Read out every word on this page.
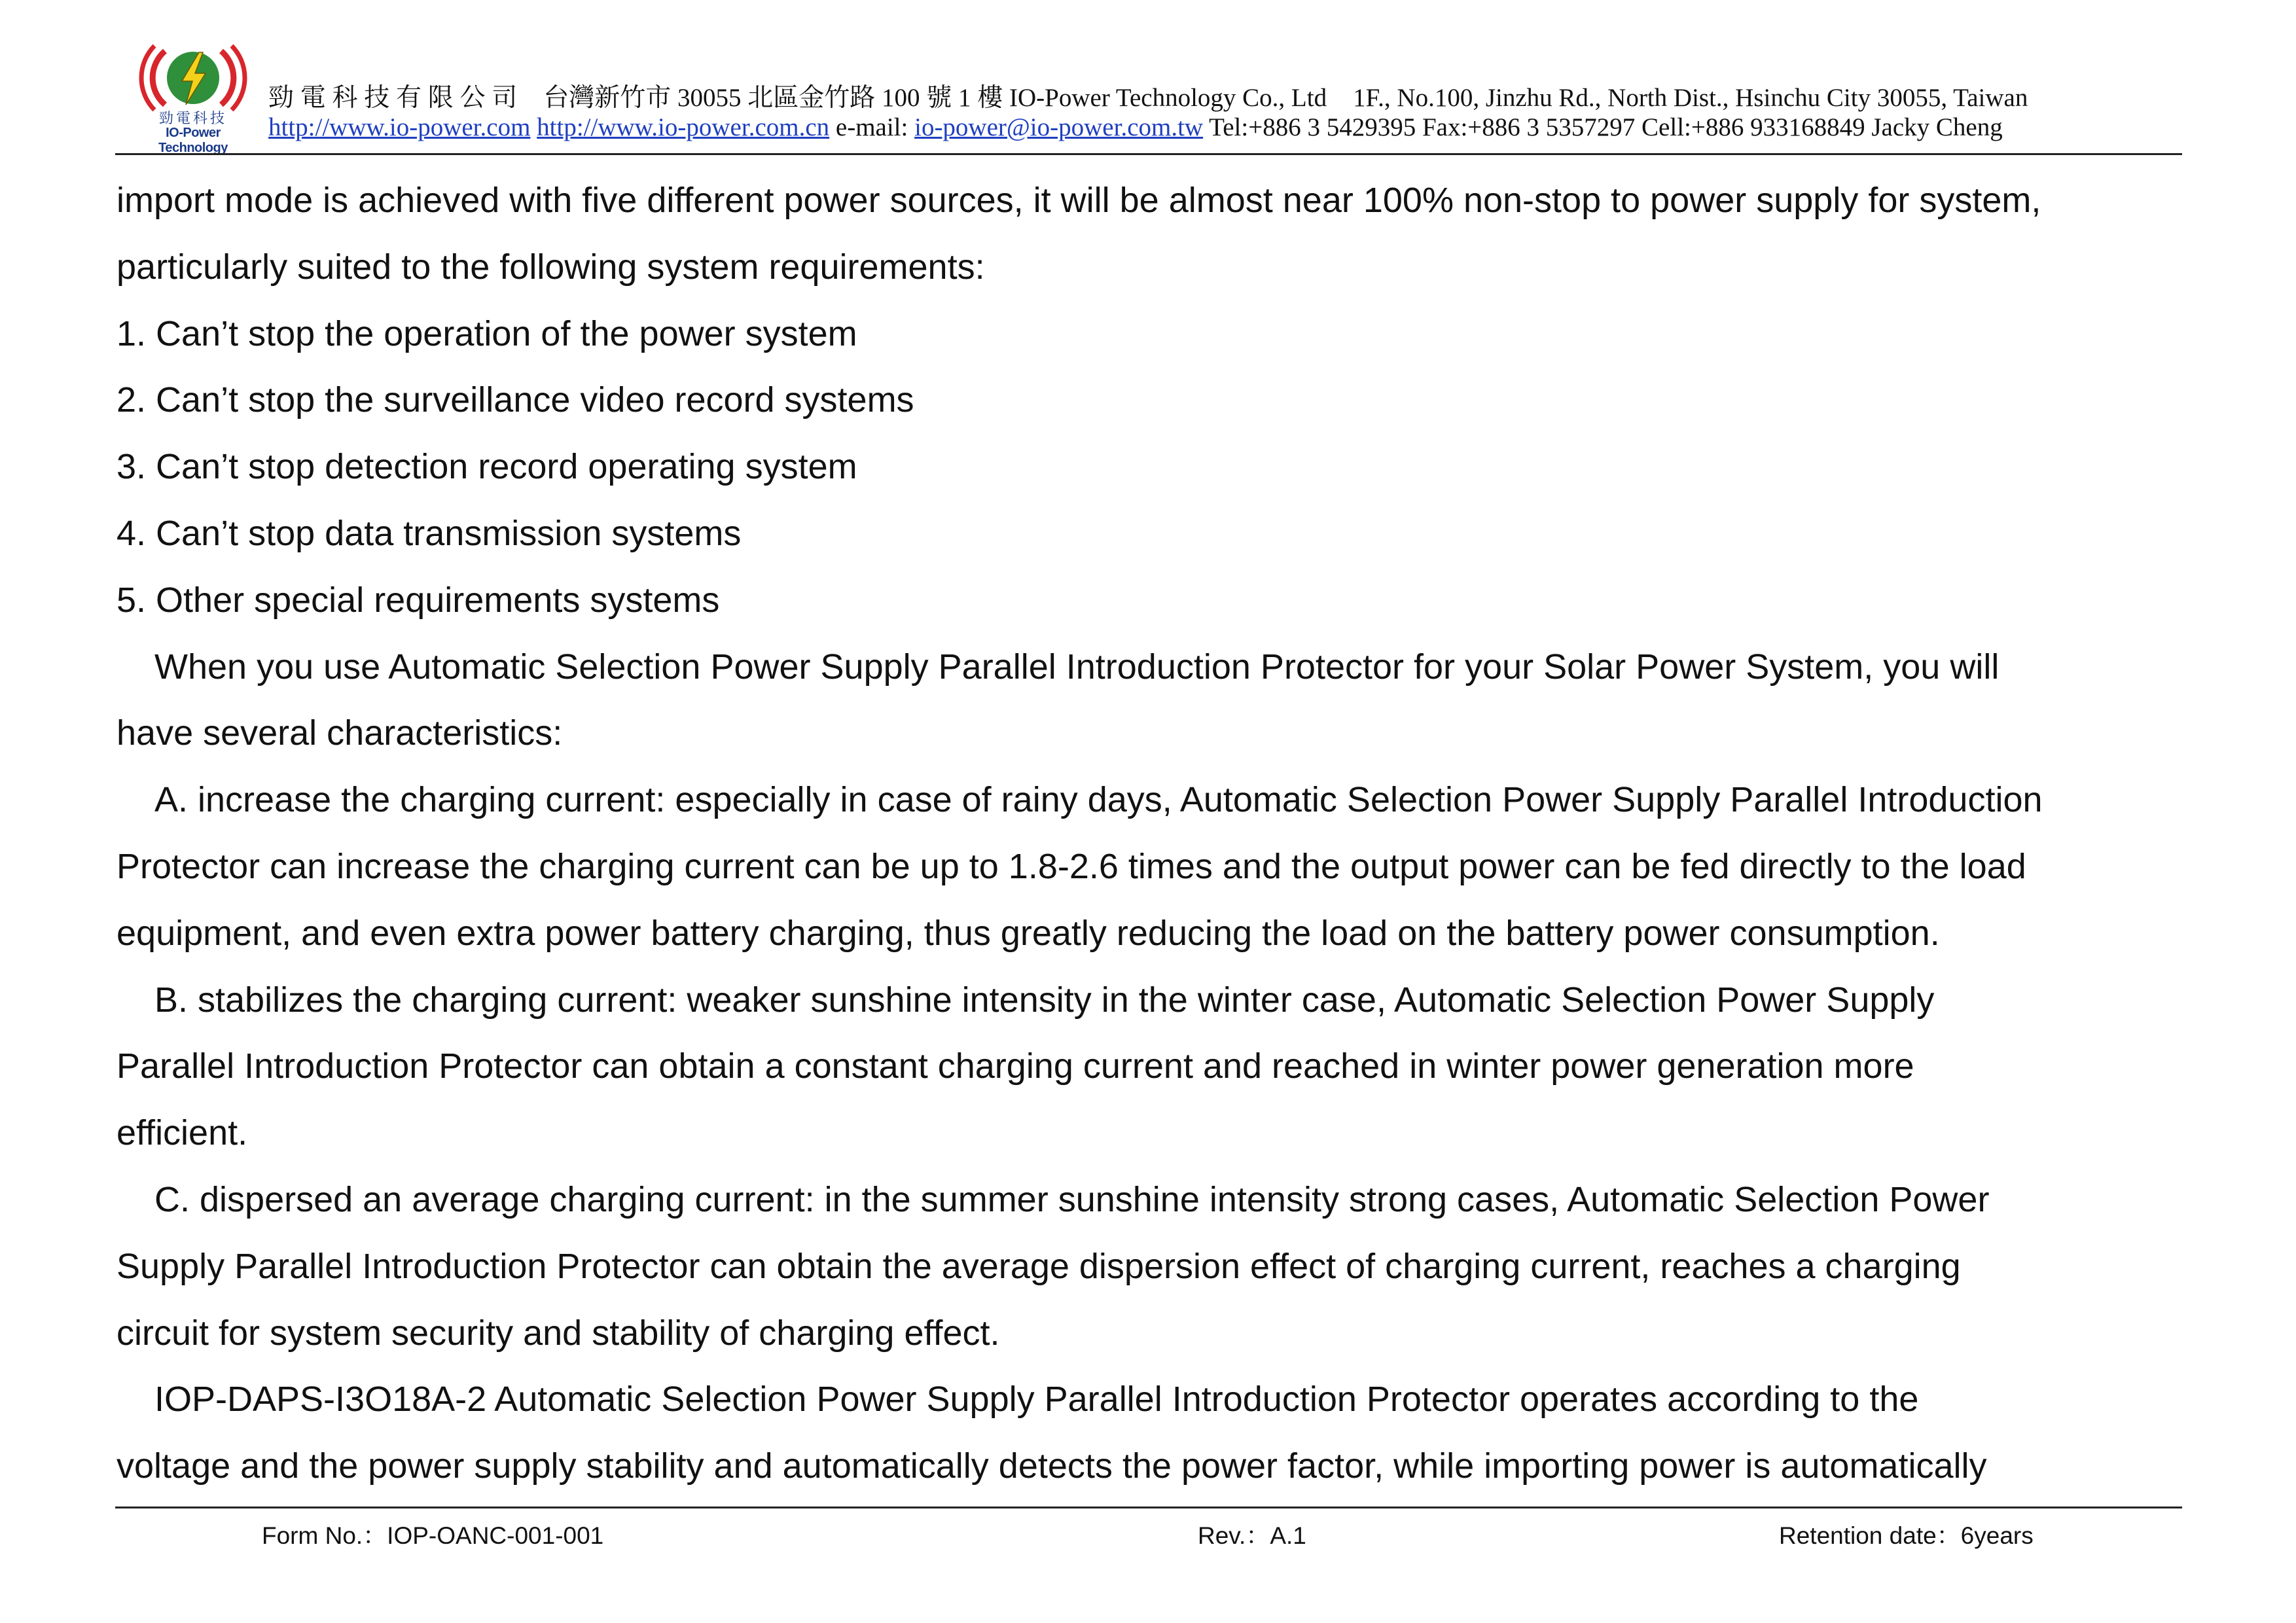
勁電科技
IO-Power Technology
勁 電 科 技 有 限 公 司 台灣新竹市 30055 北區金竹路 100 號 1 樓 IO-Power Technology Co., Ltd 1F., No.100, Jinzhu Rd., North Dist., Hsinchu City 30055, Taiwan
http://www.io-power.com http://www.io-power.com.cn e-mail: io-power@io-power.com.tw Tel:+886 3 5429395 Fax:+886 3 5357297 Cell:+886 933168849 Jacky Cheng

import mode is achieved with five different power sources, it will be almost near 100% non-stop to power supply for system,

particularly suited to the following system requirements:

1. Can’t stop the operation of the power system

2. Can’t stop the surveillance video record systems

3. Can’t stop detection record operating system

4. Can’t stop data transmission systems

5. Other special requirements systems

When you use Automatic Selection Power Supply Parallel Introduction Protector for your Solar Power System, you will

have several characteristics:

A. increase the charging current: especially in case of rainy days, Automatic Selection Power Supply Parallel Introduction

Protector can increase the charging current can be up to 1.8-2.6 times and the output power can be fed directly to the load

equipment, and even extra power battery charging, thus greatly reducing the load on the battery power consumption.

B. stabilizes the charging current: weaker sunshine intensity in the winter case, Automatic Selection Power Supply

Parallel Introduction Protector can obtain a constant charging current and reached in winter power generation more

efficient.

C. dispersed an average charging current: in the summer sunshine intensity strong cases, Automatic Selection Power

Supply Parallel Introduction Protector can obtain the average dispersion effect of charging current, reaches a charging

circuit for system security and stability of charging effect.

IOP-DAPS-I3O18A-2 Automatic Selection Power Supply Parallel Introduction Protector operates according to the

voltage and the power supply stability and automatically detects the power factor, while importing power is automatically

Form No.：IOP-OANC-001-001	Rev.：A.1	Retention date：6years
